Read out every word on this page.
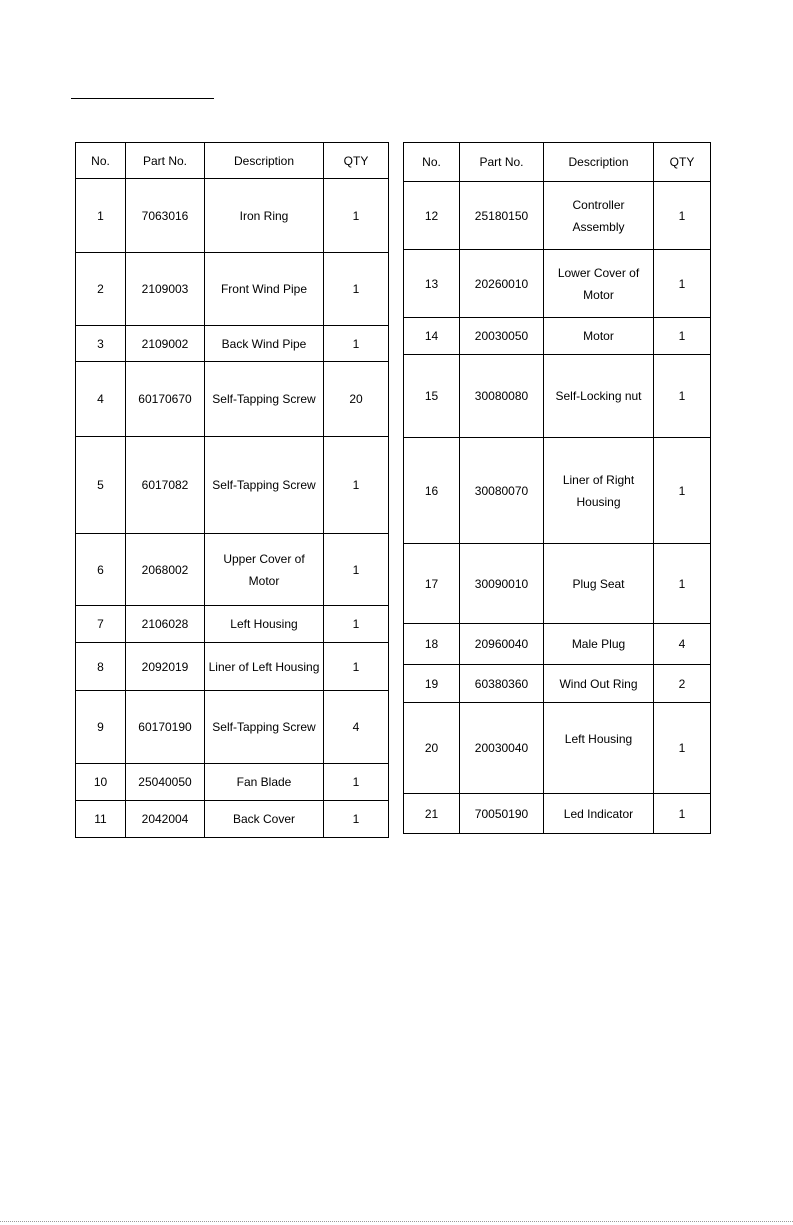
No.	Part No.	Description	QTY
1	7063016	Iron Ring	1
2	2109003	Front Wind Pipe	1
3	2109002	Back Wind Pipe	1
4	60170670	Self-Tapping Screw	20
5	6017082	Self-Tapping Screw	1
6	2068002	Upper Cover of Motor	1
7	2106028	Left Housing	1
8	2092019	Liner of Left Housing	1
9	60170190	Self-Tapping Screw	4
10	25040050	Fan Blade	1
11	2042004	Back Cover	1
No.	Part No.	Description	QTY
12	25180150	Controller Assembly	1
13	20260010	Lower Cover of Motor	1
14	20030050	Motor	1
15	30080080	Self-Locking nut	1
16	30080070	Liner of Right Housing	1
17	30090010	Plug Seat	1
18	20960040	Male Plug	4
19	60380360	Wind Out Ring	2
20	20030040	Left Housing	1
21	70050190	Led Indicator	1
